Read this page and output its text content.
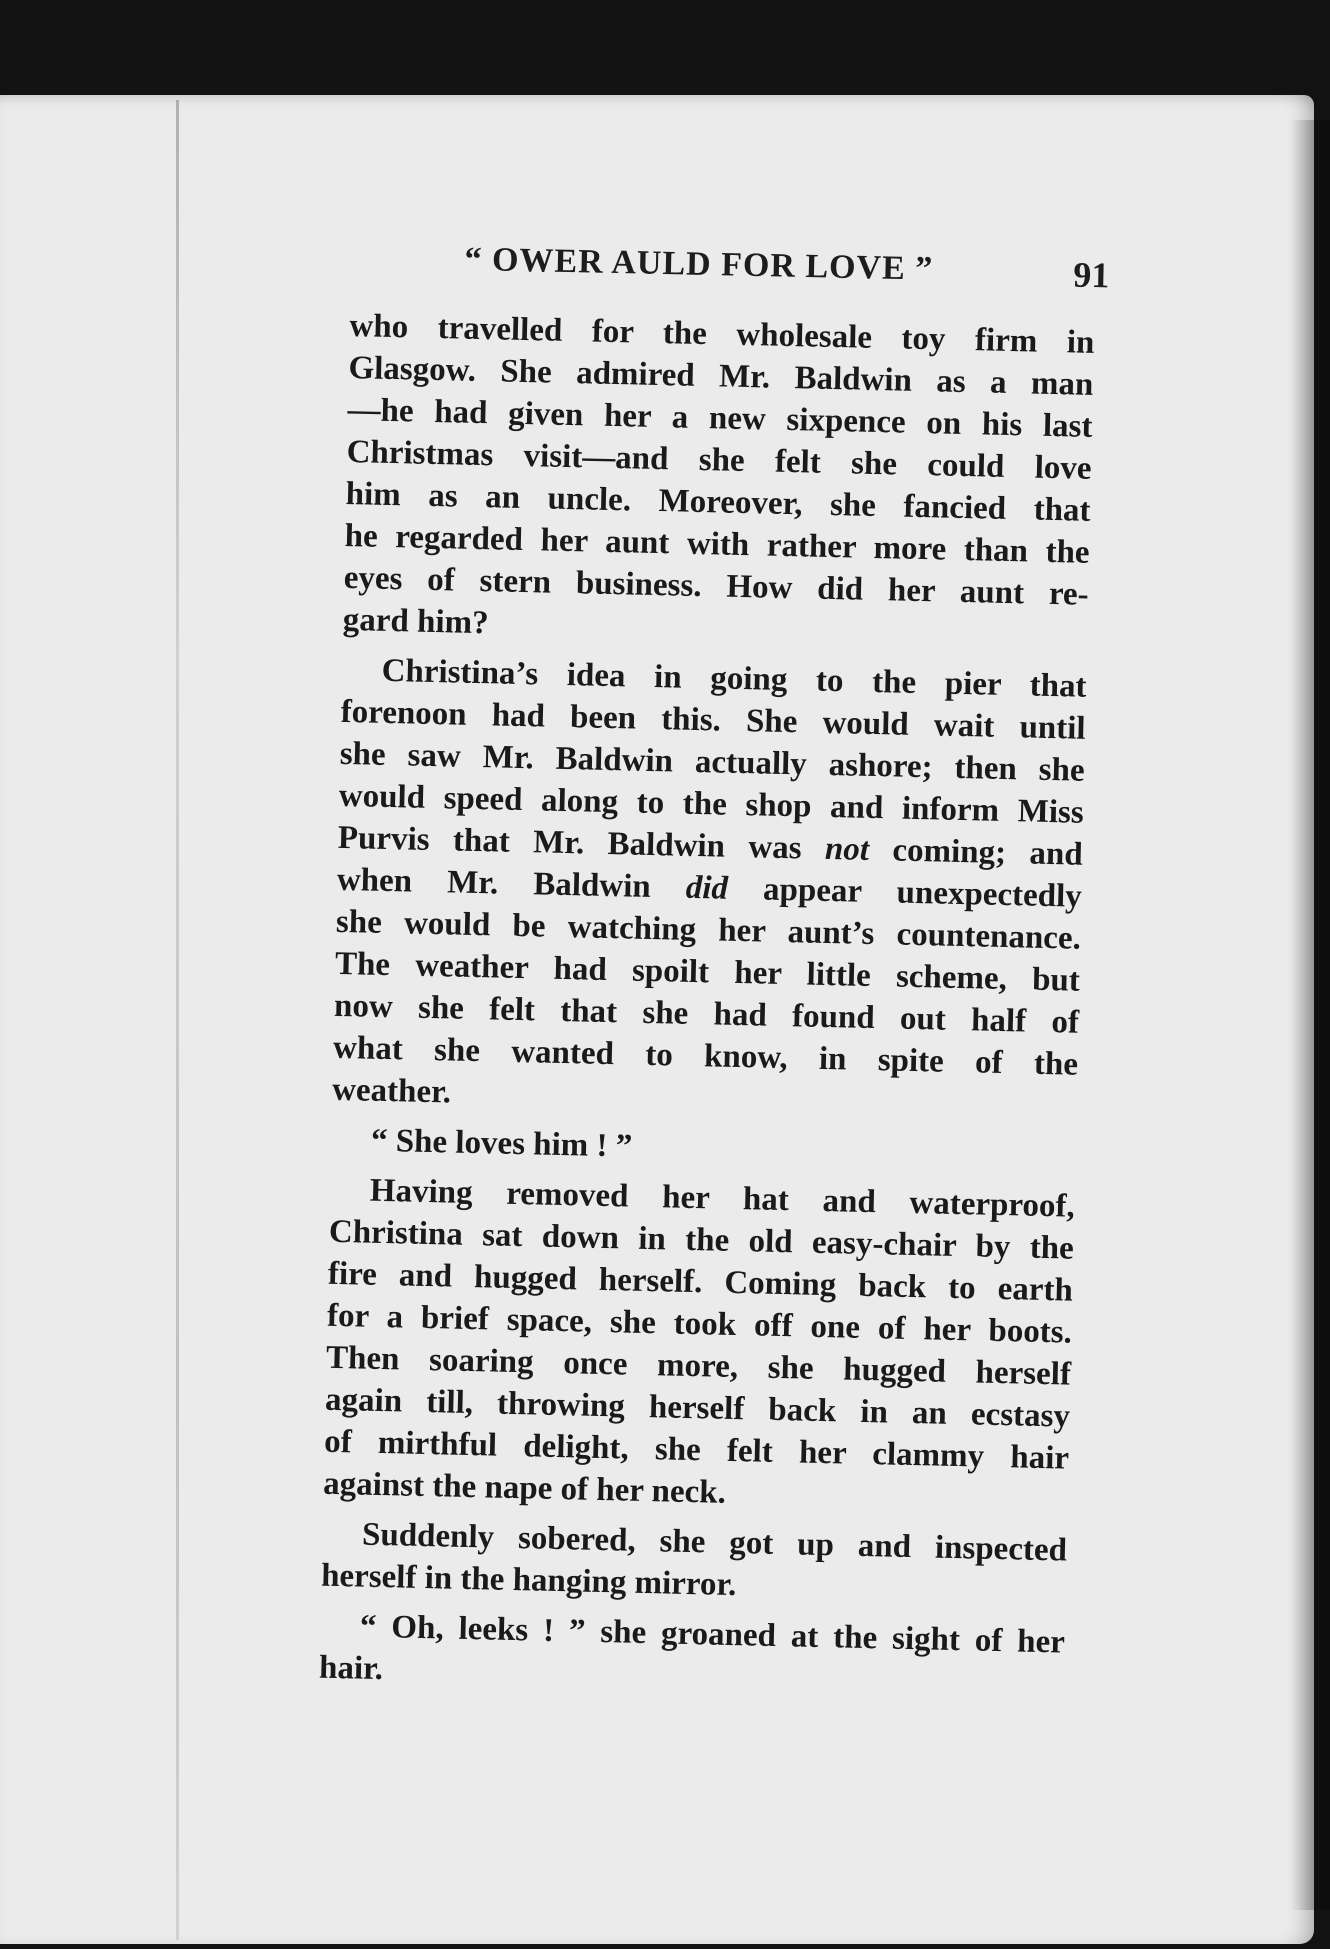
“ OWER AULD FOR LOVE ”	91
who travelled for the wholesale toy firm in
Glasgow. She admired Mr. Baldwin as a man
—he had given her a new sixpence on his last
Christmas visit—and she felt she could love
him as an uncle. Moreover, she fancied that
he regarded her aunt with rather more than the
eyes of stern business. How did her aunt re-
gard him?
Christina’s idea in going to the pier that
forenoon had been this. She would wait until
she saw Mr. Baldwin actually ashore; then she
would speed along to the shop and inform Miss
Purvis that Mr. Baldwin was not coming; and
when Mr. Baldwin did appear unexpectedly
she would be watching her aunt’s countenance.
The weather had spoilt her little scheme, but
now she felt that she had found out half of
what she wanted to know, in spite of the
weather.
“ She loves him ! ”
Having removed her hat and waterproof,
Christina sat down in the old easy-chair by the
fire and hugged herself. Coming back to earth
for a brief space, she took off one of her boots.
Then soaring once more, she hugged herself
again till, throwing herself back in an ecstasy
of mirthful delight, she felt her clammy hair
against the nape of her neck.
Suddenly sobered, she got up and inspected
herself in the hanging mirror.
“ Oh, leeks ! ” she groaned at the sight of her
hair.
